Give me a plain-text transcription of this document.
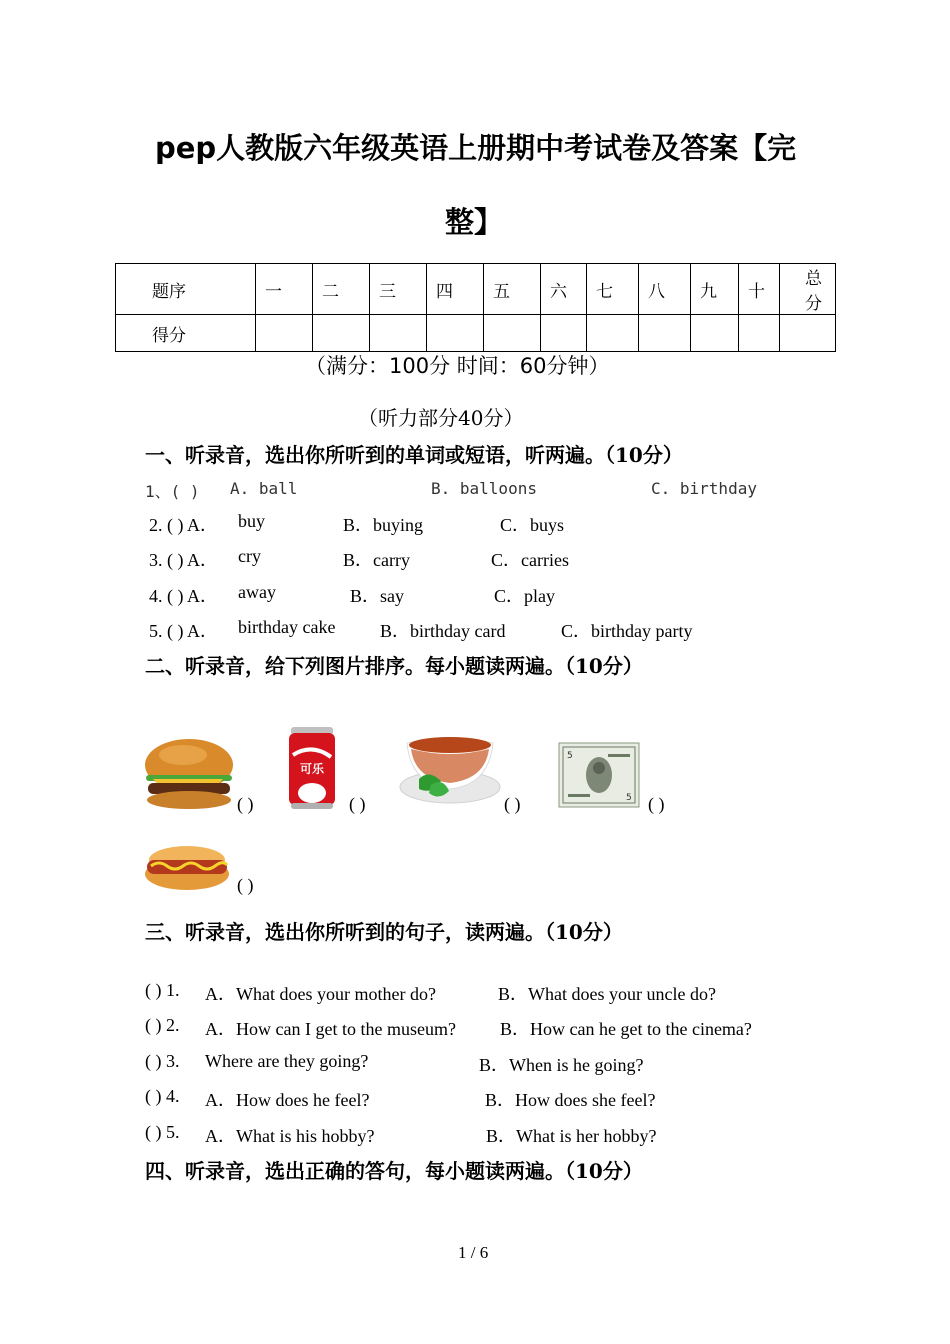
pep人教版六年级英语上册期中考试卷及答案【完
整】
题序	一	二	三	四	五	六	七	八	九	十	总分
得分											
（满分：100分 时间：60分钟）
（听力部分40分）
一、听录音，选出你所听到的单词或短语，听两遍。（10分）
1、( ) A. ball	B. balloons	C. birthday
2. ( ) A． buy	B．buying	C．buys
3. ( ) A． cry	B．carry	C．carries
4. ( ) A． away	B．say	C．play
5. ( ) A． birthday cake B．birthday card	C．birthday party
二、听录音，给下列图片排序。每小题读两遍。（10分）
( )
可乐
( )	( )
5
5 ( )
( )
三、听录音，选出你所听到的句子，读两遍。（10分）
( ) 1. A．What does your mother do?	B．What does your uncle do?
( ) 2. A．How can I get to the museum? B．How can he get to the cinema?
( ) 3. Where are they going?	B．When is he going?
( ) 4. A．How does he feel?	B．How does she feel?
( ) 5. A．What is his hobby?	B．What is her hobby?
四、听录音，选出正确的答句，每小题读两遍。（10分）
1 / 6
